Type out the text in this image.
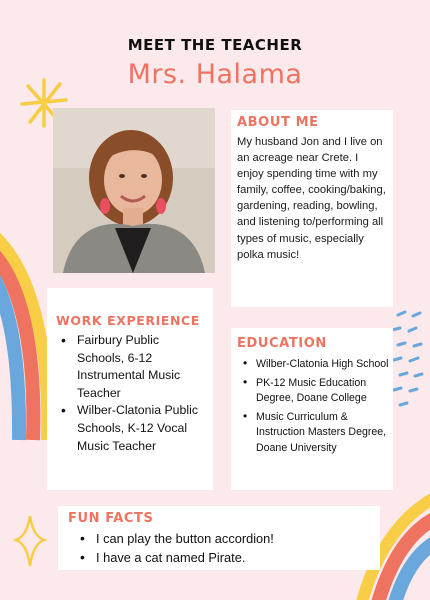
MEET THE TEACHER
Mrs. Halama
ABOUT ME
My husband Jon and I live on an acreage near Crete. I enjoy spending time with my family, coffee, cooking/baking, gardening, reading, bowling, and listening to/performing all types of music, especially polka music!
WORK EXPERIENCE
• Fairbury Public Schools, 6-12 Instrumental Music Teacher
• Wilber-Clatonia Public Schools, K-12 Vocal Music Teacher
EDUCATION
• Wilber-Clatonia High School
• PK-12 Music Education Degree, Doane College
• Music Curriculum & Instruction Masters Degree, Doane University
FUN FACTS
• I can play the button accordion!
• I have a cat named Pirate.
